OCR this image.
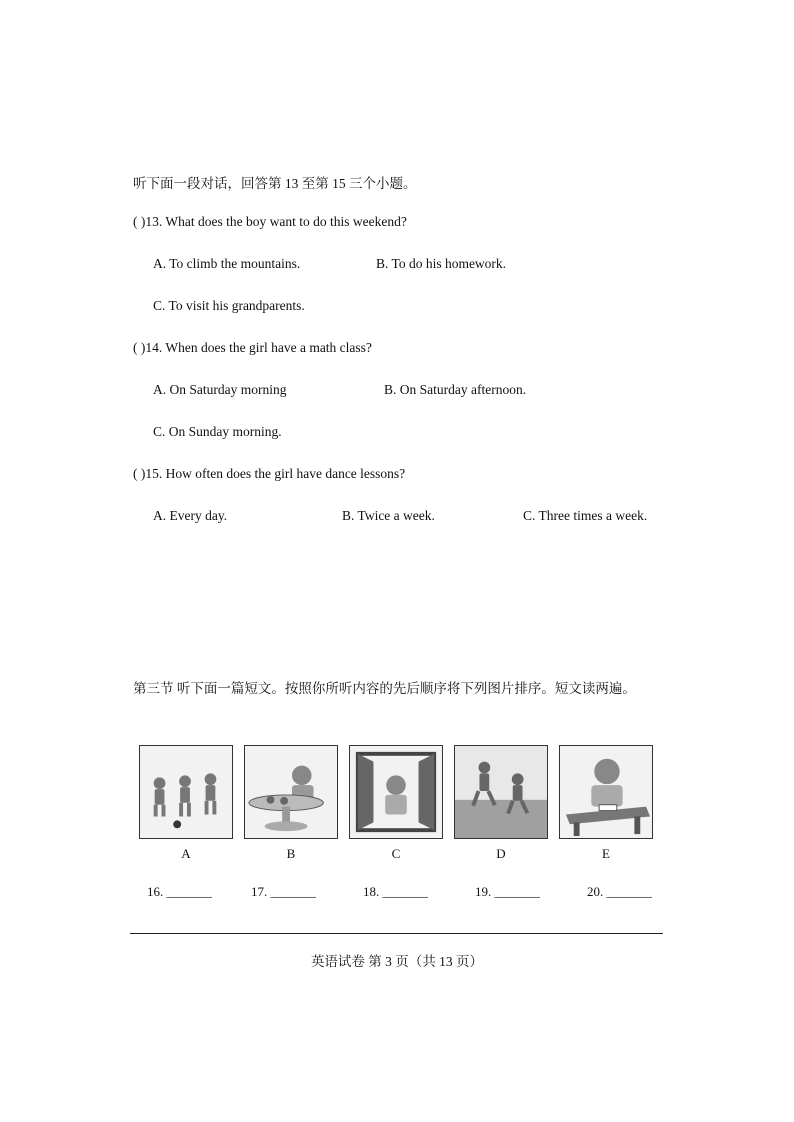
听下面一段对话，回答第 13 至第 15 三个小题。
( )13. What does the boy want to do this weekend?
A. To climb the mountains.	B. To do his homework.
C. To visit his grandparents.
( )14. When does the girl have a math class?
A. On Saturday morning	B. On Saturday afternoon.
C. On Sunday morning.
( )15. How often does the girl have dance lessons?
A. Every day.	B. Twice a week.	C. Three times a week.
第三节 听下面一篇短文。按照你所听内容的先后顺序将下列图片排序。短文读两遍。
A	B	C	D	E
16. _______	17. _______	18. _______	19. _______	20. _______
英语试卷 第 3 页（共 13 页）
